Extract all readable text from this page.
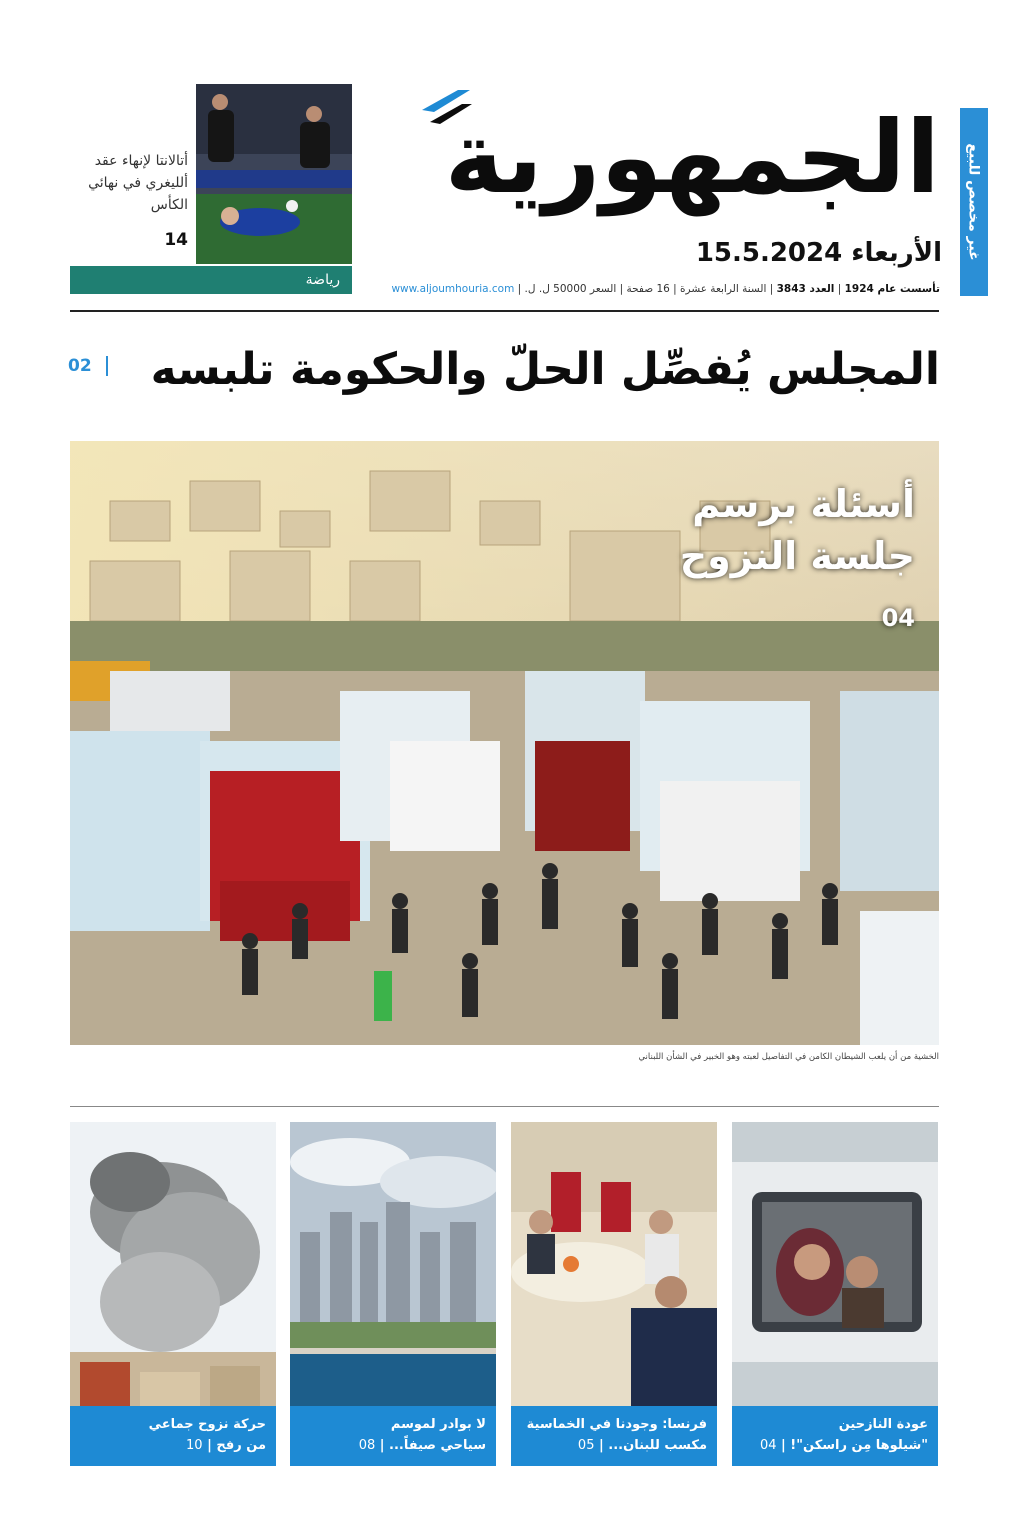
غير مخصص للبيع
الجمهورية
الأربعاء 15.5.2024
تأسست عام 1924 | العدد 3843 | السنة الرابعة عشرة | 16 صفحة | السعر 50000 ل. ل. | www.aljoumhouria.com
أتالانتا لإنهاء عقد ألليغري في نهائي الكأس
14
رياضة
المجلس يُفصِّل الحلّ والحكومة تلبسه
02
أسئلة برسم
جلسة النزوح
04
الخشية من أن يلعب الشيطان الكامن في التفاصيل لعبته وهو الخبير في الشأن اللبناني
عودة النازحين
"شيلوها مِن راسكن"! | 04
فرنسا: وجودنا في الخماسية
مكسب للبنان... | 05
لا بوادر لموسم
سياحي صيفاً... | 08
حركة نزوح جماعي
من رفح | 10
